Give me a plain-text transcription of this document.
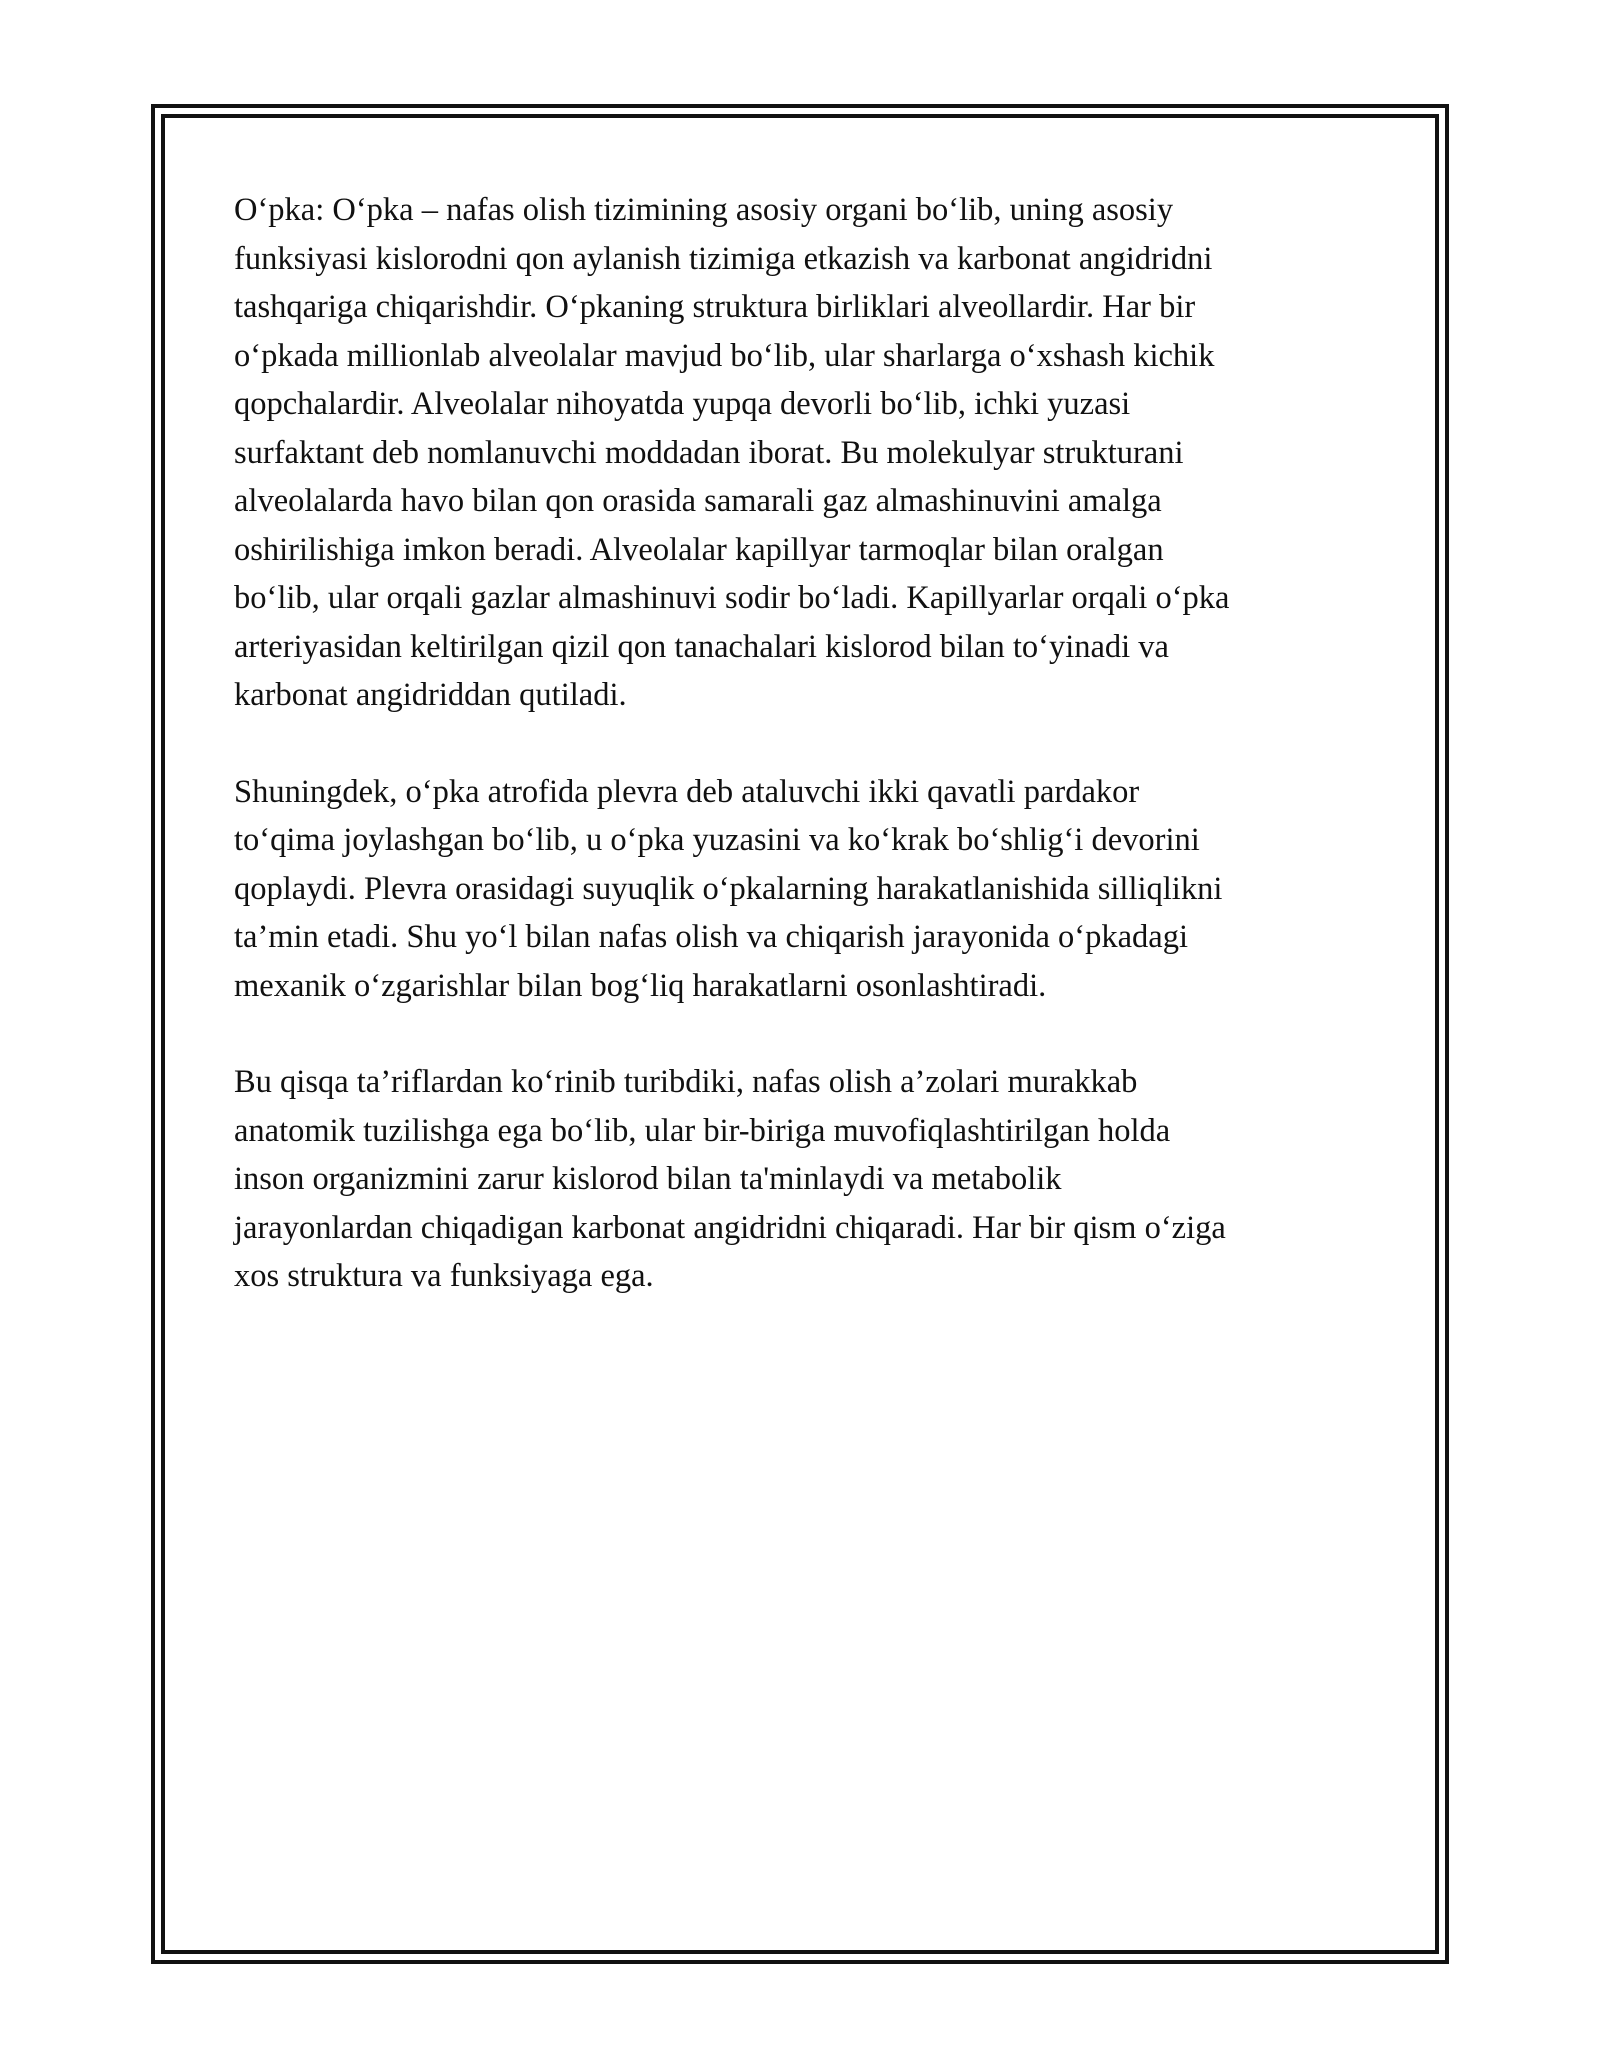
O‘pka: O‘pka – nafas olish tizimining asosiy organi bo‘lib, uning asosiy
funksiyasi kislorodni qon aylanish tizimiga etkazish va karbonat angidridni
tashqariga chiqarishdir. O‘pkaning struktura birliklari alveollardir. Har bir
o‘pkada millionlab alveolalar mavjud bo‘lib, ular sharlarga o‘xshash kichik
qopchalardir. Alveolalar nihoyatda yupqa devorli bo‘lib, ichki yuzasi
surfaktant deb nomlanuvchi moddadan iborat. Bu molekulyar strukturani
alveolalarda havo bilan qon orasida samarali gaz almashinuvini amalga
oshirilishiga imkon beradi. Alveolalar kapillyar tarmoqlar bilan oralgan
bo‘lib, ular orqali gazlar almashinuvi sodir bo‘ladi. Kapillyarlar orqali o‘pka
arteriyasidan keltirilgan qizil qon tanachalari kislorod bilan to‘yinadi va
karbonat angidriddan qutiladi.

Shuningdek, o‘pka atrofida plevra deb ataluvchi ikki qavatli pardakor
to‘qima joylashgan bo‘lib, u o‘pka yuzasini va ko‘krak bo‘shlig‘i devorini
qoplaydi. Plevra orasidagi suyuqlik o‘pkalarning harakatlanishida silliqlikni
ta’min etadi. Shu yo‘l bilan nafas olish va chiqarish jarayonida o‘pkadagi
mexanik o‘zgarishlar bilan bog‘liq harakatlarni osonlashtiradi.

Bu qisqa ta’riflardan ko‘rinib turibdiki, nafas olish a’zolari murakkab
anatomik tuzilishga ega bo‘lib, ular bir-biriga muvofiqlashtirilgan holda
inson organizmini zarur kislorod bilan ta'minlaydi va metabolik
jarayonlardan chiqadigan karbonat angidridni chiqaradi. Har bir qism o‘ziga
xos struktura va funksiyaga ega.
